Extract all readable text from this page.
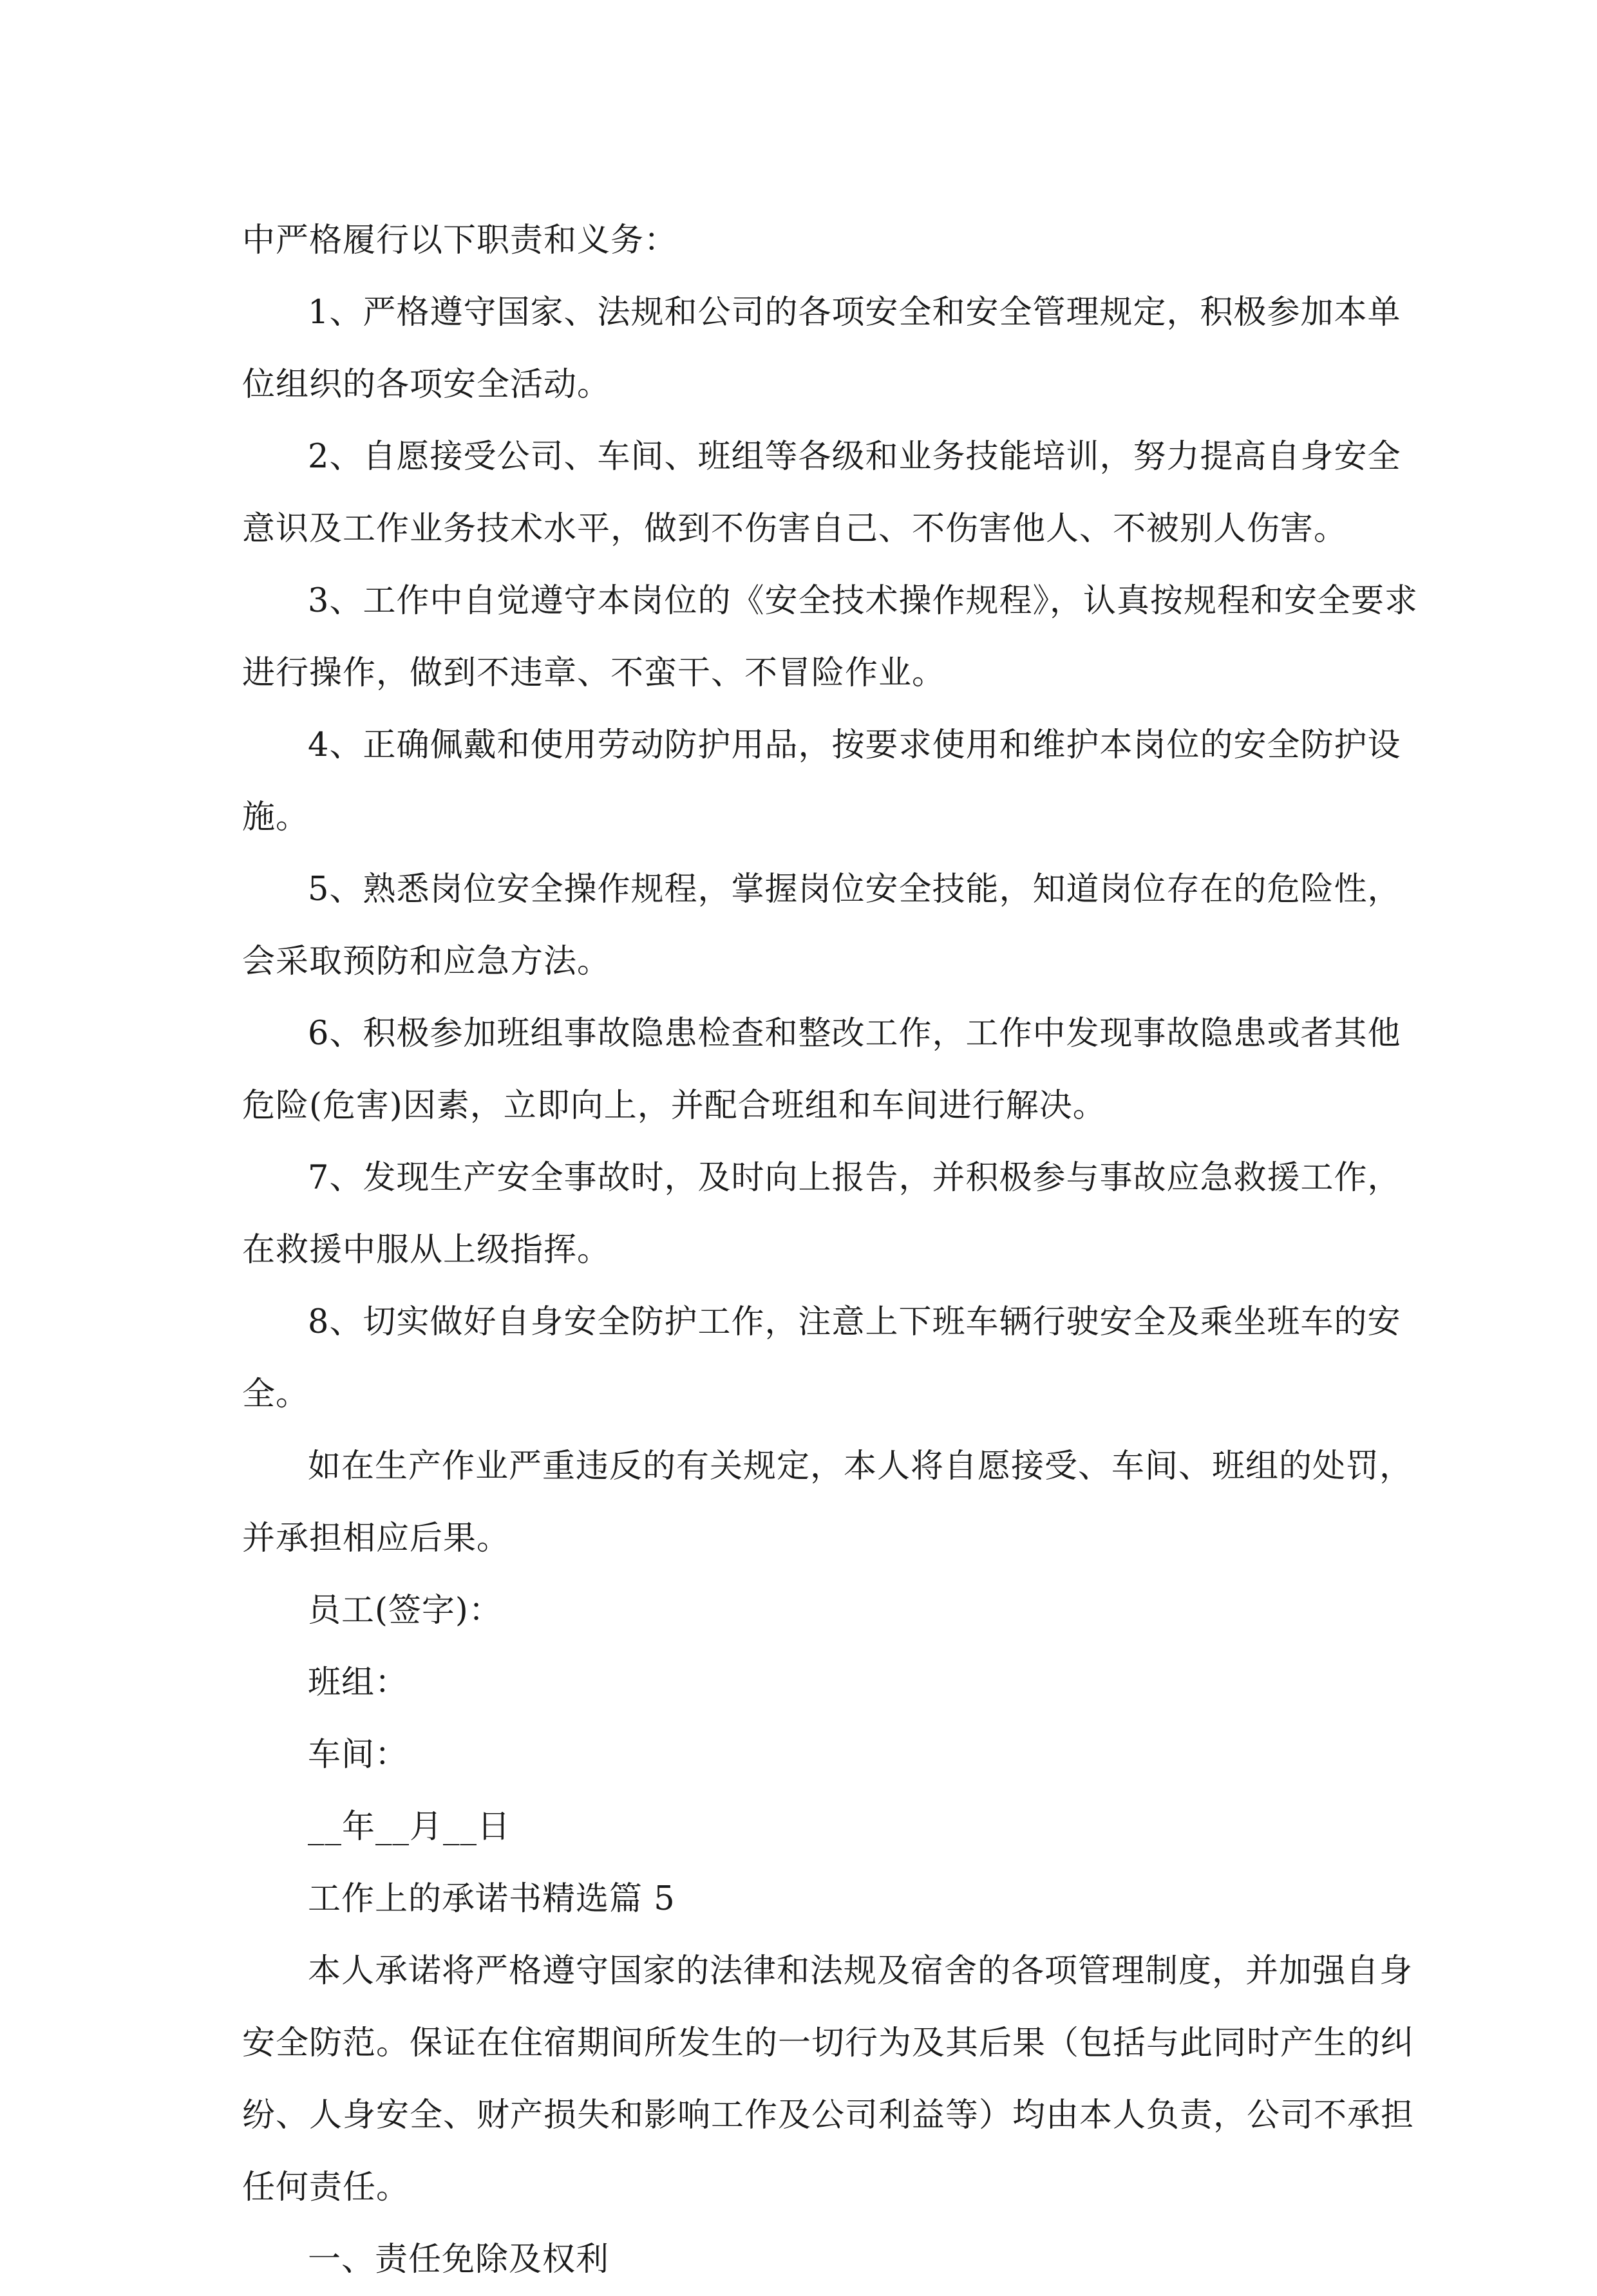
中严格履行以下职责和义务：
1、严格遵守国家、法规和公司的各项安全和安全管理规定，积极参加本单
位组织的各项安全活动。
2、自愿接受公司、车间、班组等各级和业务技能培训，努力提高自身安全
意识及工作业务技术水平，做到不伤害自己、不伤害他人、不被别人伤害。
3、工作中自觉遵守本岗位的《安全技术操作规程》，认真按规程和安全要求
进行操作，做到不违章、不蛮干、不冒险作业。
4、正确佩戴和使用劳动防护用品，按要求使用和维护本岗位的安全防护设
施。
5、熟悉岗位安全操作规程，掌握岗位安全技能，知道岗位存在的危险性，
会采取预防和应急方法。
6、积极参加班组事故隐患检查和整改工作，工作中发现事故隐患或者其他
危险(危害)因素，立即向上，并配合班组和车间进行解决。
7、发现生产安全事故时，及时向上报告，并积极参与事故应急救援工作，
在救援中服从上级指挥。
8、切实做好自身安全防护工作，注意上下班车辆行驶安全及乘坐班车的安
全。
如在生产作业严重违反的有关规定，本人将自愿接受、车间、班组的处罚，
并承担相应后果。
员工(签字)：
班组：
车间：
__年__月__日
工作上的承诺书精选篇 5
本人承诺将严格遵守国家的法律和法规及宿舍的各项管理制度，并加强自身
安全防范。保证在住宿期间所发生的一切行为及其后果（包括与此同时产生的纠
纷、人身安全、财产损失和影响工作及公司利益等）均由本人负责，公司不承担
任何责任。
一、责任免除及权利
